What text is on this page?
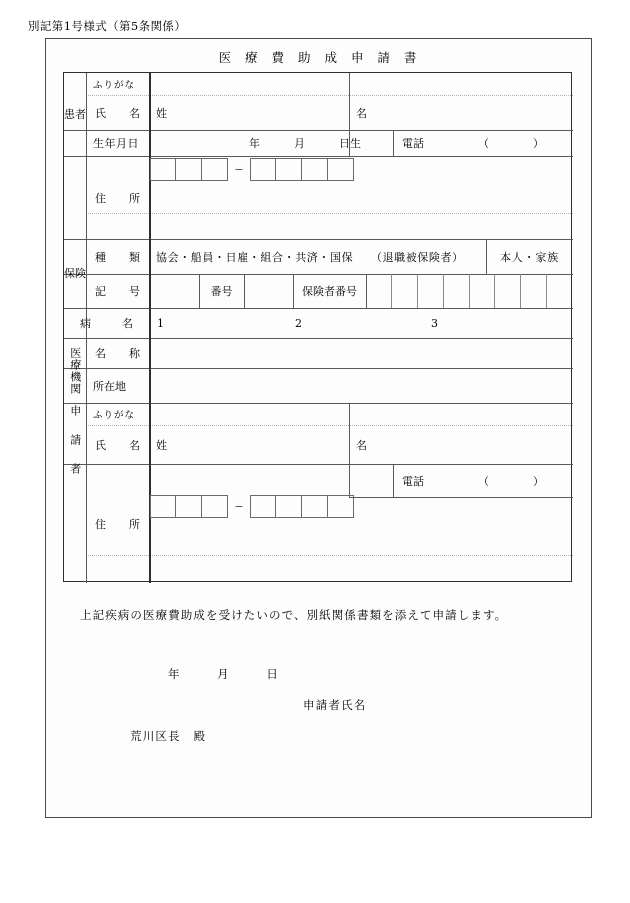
別記第1号様式（第5条関係）
医 療 費 助 成 申 請 書
患者
ふりがな
氏 名	姓	名
生年月日	年	月	日生	電話	（	）
住 所
−
保険
種 類	協会・船員・日雇・組合・共済・国保　　（退職被保険者）	本人・家族
記 号	番号	保険者番号
病	名 1	2	3
医療機関 名 称
所在地
申請者	ふりがな
氏 名	姓	名
電話	（	）
住 所
−
上記疾病の医療費助成を受けたいので、別紙関係書類を添えて申請します。
年	月	日
申請者氏名
荒川区長　殿
